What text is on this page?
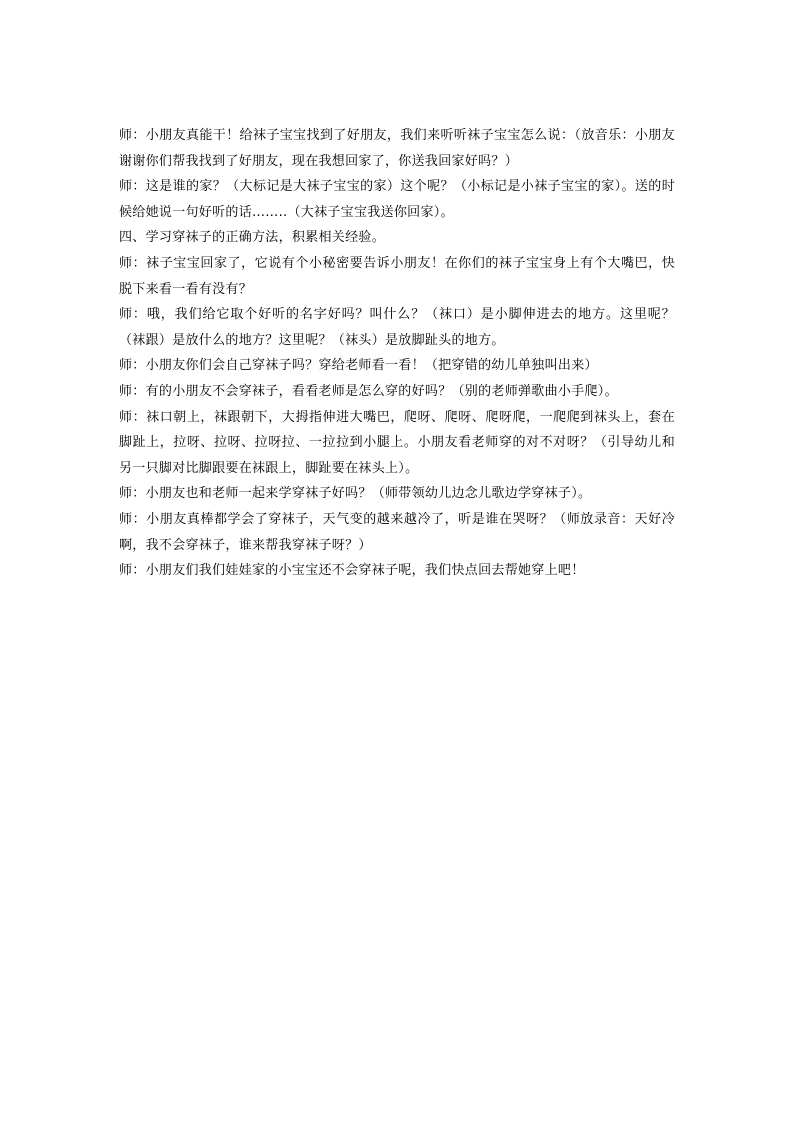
师：小朋友真能干！给袜子宝宝找到了好朋友，我们来听听袜子宝宝怎么说：（放音乐：小朋友谢谢你们帮我找到了好朋友，现在我想回家了，你送我回家好吗？）

师：这是谁的家？（大标记是大袜子宝宝的家）这个呢？（小标记是小袜子宝宝的家）。送的时候给她说一句好听的话……..（大袜子宝宝我送你回家）。

四、学习穿袜子的正确方法，积累相关经验。

师：袜子宝宝回家了，它说有个小秘密要告诉小朋友！在你们的袜子宝宝身上有个大嘴巴，快脱下来看一看有没有？

师：哦，我们给它取个好听的名字好吗？叫什么？（袜口）是小脚伸进去的地方。这里呢？（袜跟）是放什么的地方？这里呢？（袜头）是放脚趾头的地方。

师：小朋友你们会自己穿袜子吗？穿给老师看一看！（把穿错的幼儿单独叫出来）

师：有的小朋友不会穿袜子，看看老师是怎么穿的好吗？（别的老师弹歌曲小手爬）。

师：袜口朝上，袜跟朝下，大拇指伸进大嘴巴，爬呀、爬呀、爬呀爬，一爬爬到袜头上，套在脚趾上，拉呀、拉呀、拉呀拉、一拉拉到小腿上。小朋友看老师穿的对不对呀？（引导幼儿和另一只脚对比脚跟要在袜跟上，脚趾要在袜头上）。

师：小朋友也和老师一起来学穿袜子好吗？（师带领幼儿边念儿歌边学穿袜子）。

师：小朋友真棒都学会了穿袜子，天气变的越来越冷了，听是谁在哭呀？（师放录音：天好冷啊，我不会穿袜子，谁来帮我穿袜子呀？）

师：小朋友们我们娃娃家的小宝宝还不会穿袜子呢，我们快点回去帮她穿上吧！
